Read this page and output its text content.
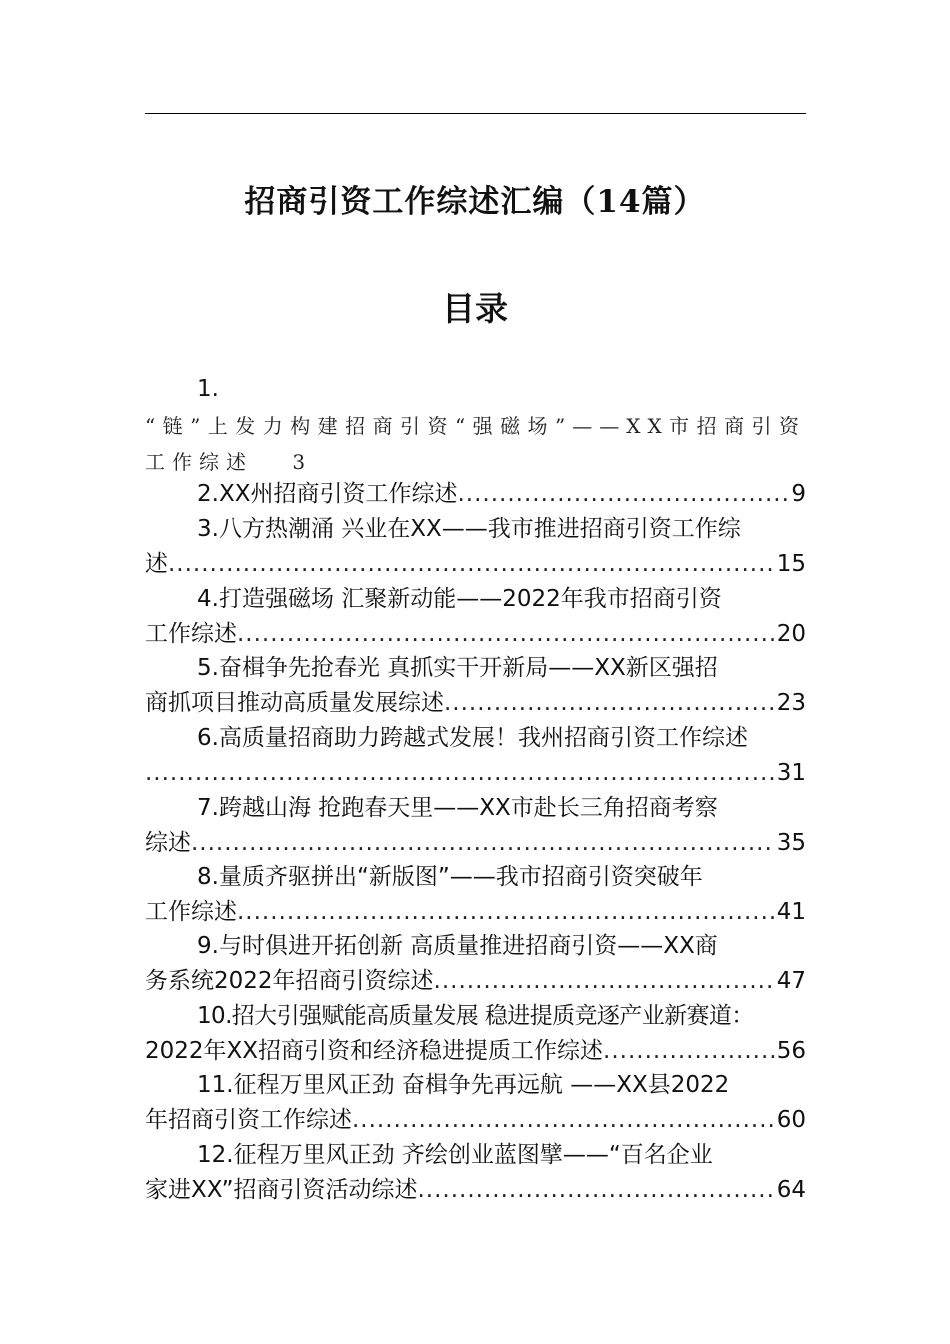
招商引资工作综述汇编（14篇）
目录
1.
“链”上发力构建招商引资“强磁场”——XX市招商引资
工作综述 3
2.XX州招商引资工作综述 .....	9
3.八方热潮涌 兴业在XX——我市推进招商引资工作综
述 .....	15
4.打造强磁场 汇聚新动能——2022年我市招商引资
工作综述 .....	20
5.奋楫争先抢春光 真抓实干开新局——XX新区强招
商抓项目推动高质量发展综述 .....	23
6.高质量招商助力跨越式发展！我州招商引资工作综述
.....
31
7.跨越山海 抢跑春天里——XX市赴长三角招商考察
综述 .....	35
8.量质齐驱拼出“新版图”——我市招商引资突破年
工作综述 .....	41
9.与时俱进开拓创新 高质量推进招商引资——XX商
务系统2022年招商引资综述 .....	47
10.招大引强赋能高质量发展 稳进提质竞逐产业新赛道：
2022年XX招商引资和经济稳进提质工作综述 .....	56
11.征程万里风正劲 奋楫争先再远航 ——XX县2022
年招商引资工作综述 .....	60
12.征程万里风正劲 齐绘创业蓝图擘——“百名企业
家进XX”招商引资活动综述 .....	64
